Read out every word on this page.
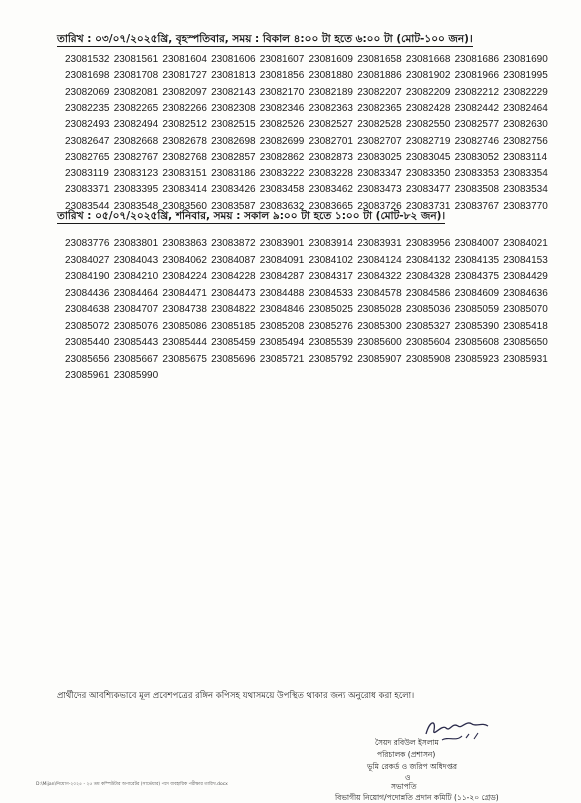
তারিখ : ০৩/০৭/২০২৫খ্রি, বৃহস্পতিবার, সময় : বিকাল ৪:০০ টা হতে ৬:০০ টা (মোট-১০০ জন)।
23081532 23081561 23081604 23081606 23081607 23081609 23081658 23081668 23081686 23081690
23081698 23081708 23081727 23081813 23081856 23081880 23081886 23081902 23081966 23081995
23082069 23082081 23082097 23082143 23082170 23082189 23082207 23082209 23082212 23082229
23082235 23082265 23082266 23082308 23082346 23082363 23082365 23082428 23082442 23082464
23082493 23082494 23082512 23082515 23082526 23082527 23082528 23082550 23082577 23082630
23082647 23082668 23082678 23082698 23082699 23082701 23082707 23082719 23082746 23082756
23082765 23082767 23082768 23082857 23082862 23082873 23083025 23083045 23083052 23083114
23083119 23083123 23083151 23083186 23083222 23083228 23083347 23083350 23083353 23083354
23083371 23083395 23083414 23083426 23083458 23083462 23083473 23083477 23083508 23083534
23083544 23083548 23083560 23083587 23083632 23083665 23083726 23083731 23083767 23083770
তারিখ : ০৫/০৭/২০২৫খ্রি, শনিবার, সময় : সকাল ৯:০০ টা হতে ১:০০ টা (মোট-৮২ জন)।
23083776 23083801 23083863 23083872 23083901 23083914 23083931 23083956 23084007 23084021
23084027 23084043 23084062 23084087 23084091 23084102 23084124 23084132 23084135 23084153
23084190 23084210 23084224 23084228 23084287 23084317 23084322 23084328 23084375 23084429
23084436 23084464 23084471 23084473 23084488 23084533 23084578 23084586 23084609 23084636
23084638 23084707 23084738 23084822 23084846 23085025 23085028 23085036 23085059 23085070
23085072 23085076 23085086 23085185 23085208 23085276 23085300 23085327 23085390 23085418
23085440 23085443 23085444 23085459 23085494 23085539 23085600 23085604 23085608 23085650
23085656 23085667 23085675 23085696 23085721 23085792 23085907 23085908 23085923 23085931
23085961 23085990
প্রার্থীদের আবশ্যিকভাবে মূল প্রবেশপত্রের রঙ্গিন কপিসহ যথাসময়ে উপস্থিত থাকার জন্য অনুরোধ করা হলো।
সৈয়দ রবিউল ইসলাম
পরিচালক (প্রশাসন)
ভূমি রেকর্ড ও জরিপ অধিদপ্তর
ও
সভাপতি
বিভাগীয় নিয়োগ/পদোন্নতি প্রদান কমিটি (১১-২০ গ্রেড)
D:\Mijan\নিয়োগ-২০২৫ - ২৫ তম কম্পিউটার অপারেটর (সার্ভেয়ার) পদে ব্যবহারিক পরীক্ষার তারিখ.docx
